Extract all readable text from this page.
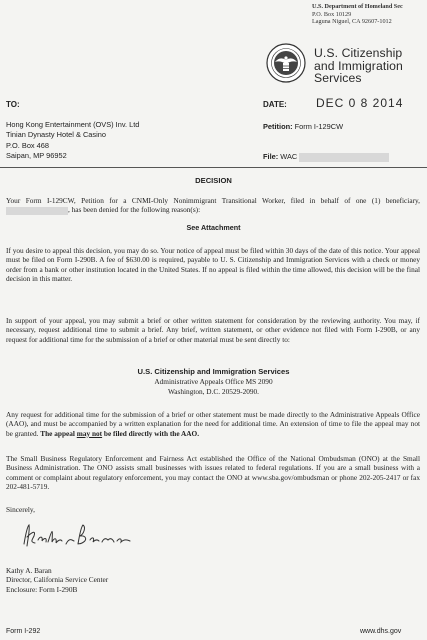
U.S. Department of Homeland Sec
P.O. Box 10129
Laguna Niguel, CA 92607-1012
U.S. Citizenship
and Immigration
Services
TO:	DATE: DEC 0 8 2014
Hong Kong Entertainment (OVS) Inv. Ltd
Tinian Dynasty Hotel & Casino
P.O. Box 468
Saipan, MP 96952
Petition: Form I-129CW
File: WAC
DECISION
Your Form I-129CW, Petition for a CNMI-Only Nonimmigrant Transitional Worker, filed in behalf of one (1) beneficiary, , has been denied for the following reason(s):
See Attachment
If you desire to appeal this decision, you may do so. Your notice of appeal must be filed within 30 days of the date of this notice. Your appeal must be filed on Form I-290B. A fee of $630.00 is required, payable to U. S. Citizenship and Immigration Services with a check or money order from a bank or other institution located in the United States. If no appeal is filed within the time allowed, this decision will be the final decision in this matter.
In support of your appeal, you may submit a brief or other written statement for consideration by the reviewing authority. You may, if necessary, request additional time to submit a brief. Any brief, written statement, or other evidence not filed with Form I-290B, or any request for additional time for the submission of a brief or other material must be sent directly to:
U.S. Citizenship and Immigration Services
Administrative Appeals Office MS 2090
Washington, D.C. 20529-2090.
Any request for additional time for the submission of a brief or other statement must be made directly to the Administrative Appeals Office (AAO), and must be accompanied by a written explanation for the need for additional time. An extension of time to file the appeal may not be granted. The appeal may not be filed directly with the AAO.
The Small Business Regulatory Enforcement and Fairness Act established the Office of the National Ombudsman (ONO) at the Small Business Administration. The ONO assists small businesses with issues related to federal regulations. If you are a small business with a comment or complaint about regulatory enforcement, you may contact the ONO at www.sba.gov/ombudsman or phone 202-205-2417 or fax 202-481-5719.
Sincerely,
Kathy A. Baran
Director, California Service Center
Enclosure: Form I-290B
Form I-292	www.dhs.gov
